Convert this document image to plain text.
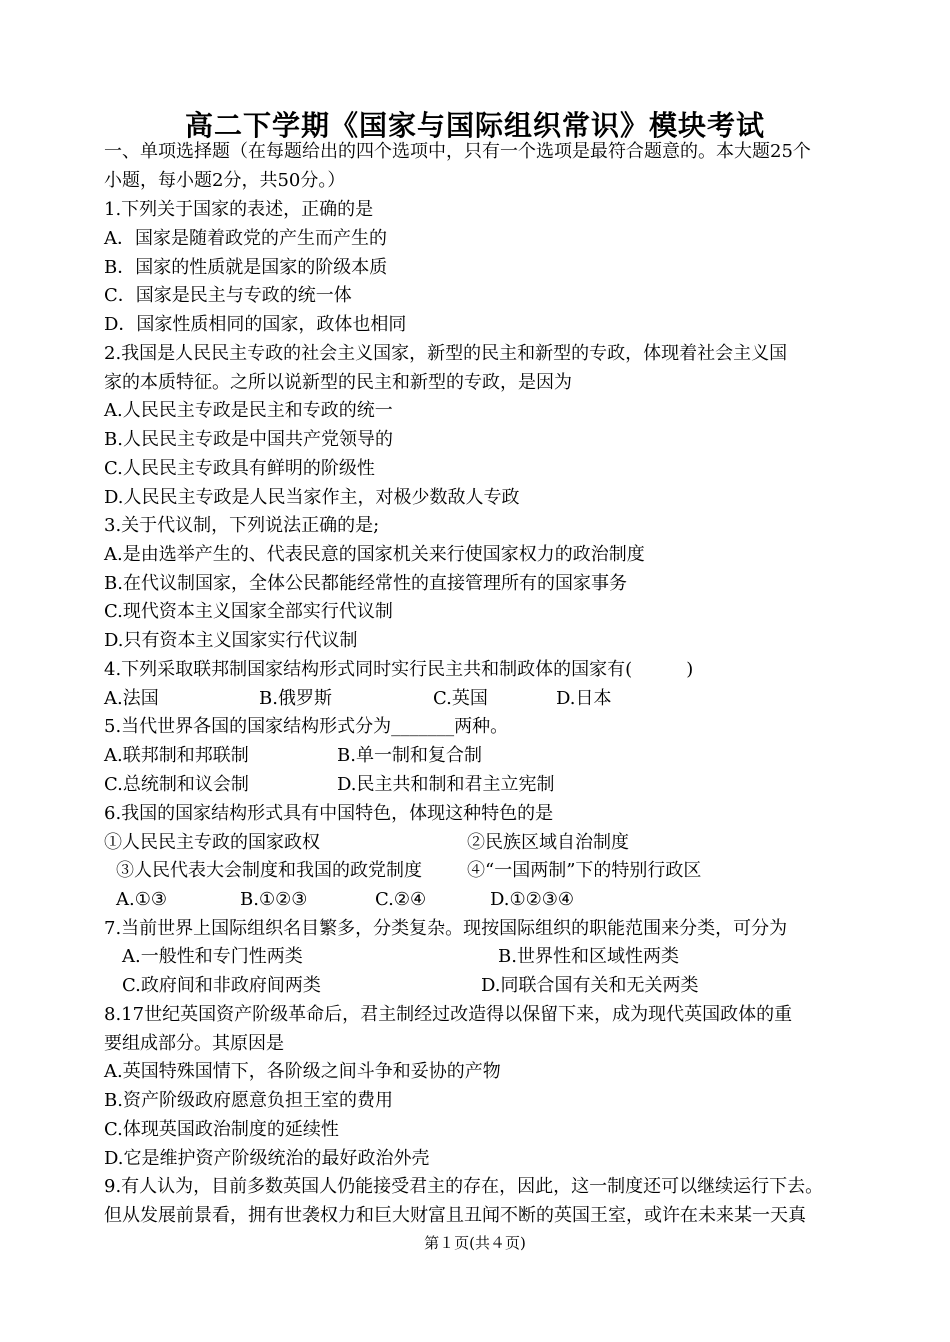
高二下学期《国家与国际组织常识》模块考试
一、单项选择题（在每题给出的四个选项中，只有一个选项是最符合题意的。本大题25个
小题，每小题2分，共50分。）
1.下列关于国家的表述，正确的是
A．国家是随着政党的产生而产生的
B．国家的性质就是国家的阶级本质
C．国家是民主与专政的统一体
D．国家性质相同的国家，政体也相同
2.我国是人民民主专政的社会主义国家，新型的民主和新型的专政，体现着社会主义国
家的本质特征。之所以说新型的民主和新型的专政，是因为
A.人民民主专政是民主和专政的统一
B.人民民主专政是中国共产党领导的
C.人民民主专政具有鲜明的阶级性
D.人民民主专政是人民当家作主，对极少数敌人专政
3.关于代议制，下列说法正确的是;
A.是由选举产生的、代表民意的国家机关来行使国家权力的政治制度
B.在代议制国家，全体公民都能经常性的直接管理所有的国家事务
C.现代资本主义国家全部实行代议制
D.只有资本主义国家实行代议制
4.下列采取联邦制国家结构形式同时实行民主共和制政体的国家有(　　　)
A.法国	B.俄罗斯	C.英国	D.日本
5.当代世界各国的国家结构形式分为_______两种。
A.联邦制和邦联制	B.单一制和复合制
C.总统制和议会制	D.民主共和制和君主立宪制
6.我国的国家结构形式具有中国特色，体现这种特色的是
①人民民主专政的国家政权	②民族区域自治制度
③人民代表大会制度和我国的政党制度	④“一国两制”下的特别行政区
A.①③	B.①②③	C.②④	D.①②③④
7.当前世界上国际组织名目繁多，分类复杂。现按国际组织的职能范围来分类，可分为
A.一般性和专门性两类	B.世界性和区域性两类
C.政府间和非政府间两类	D.同联合国有关和无关两类
8.17世纪英国资产阶级革命后，君主制经过改造得以保留下来，成为现代英国政体的重
要组成部分。其原因是
A.英国特殊国情下，各阶级之间斗争和妥协的产物
B.资产阶级政府愿意负担王室的费用
C.体现英国政治制度的延续性
D.它是维护资产阶级统治的最好政治外壳
9.有人认为，目前多数英国人仍能接受君主的存在，因此，这一制度还可以继续运行下去。
但从发展前景看，拥有世袭权力和巨大财富且丑闻不断的英国王室，或许在未来某一天真
第１页(共４页)
